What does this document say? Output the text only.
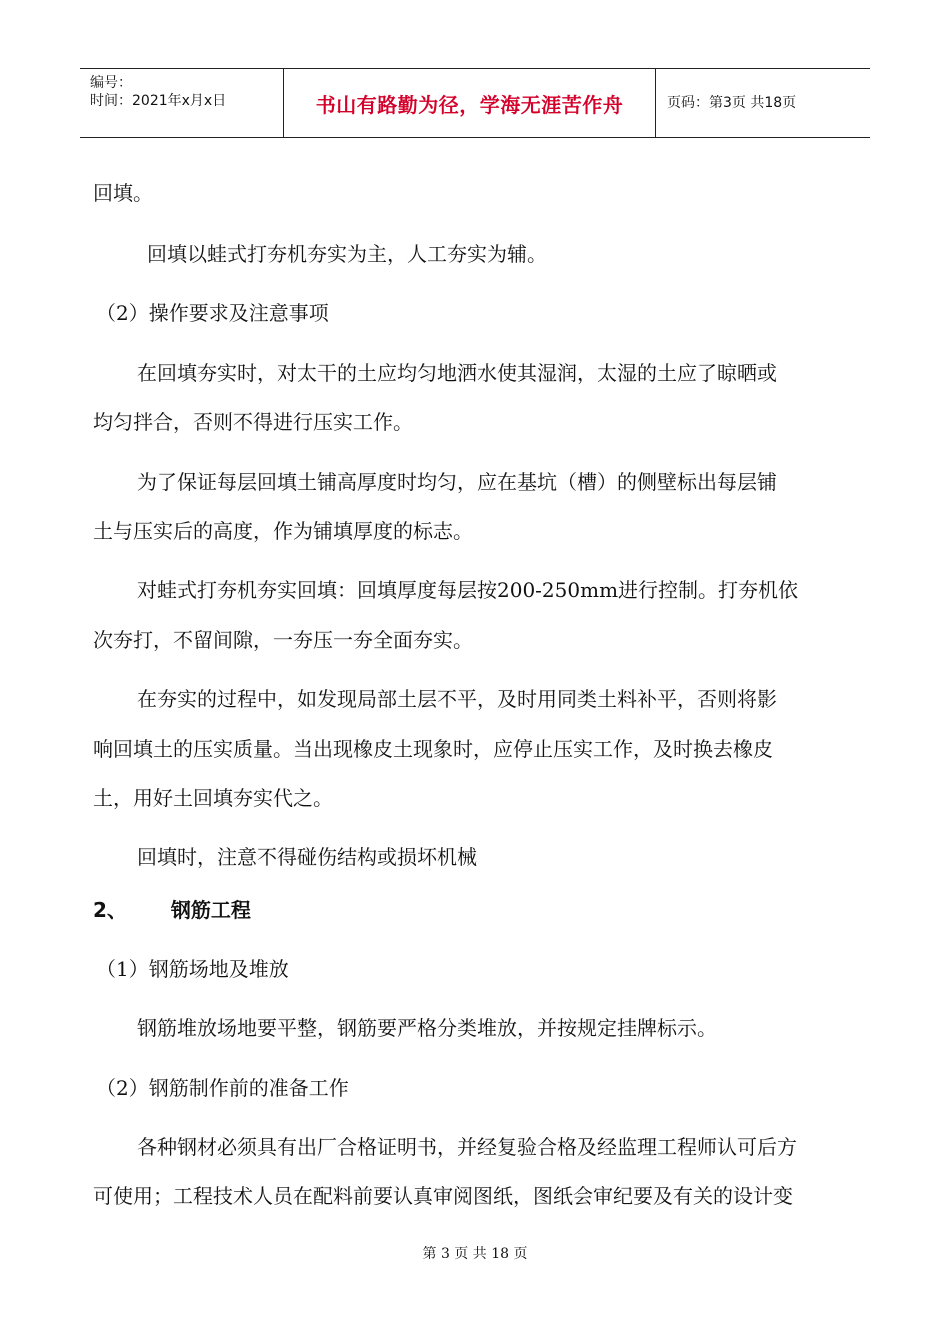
编号：
时间：2021年x月x日	书山有路勤为径，学海无涯苦作舟	页码：第3页 共18页
回填。
回填以蛙式打夯机夯实为主，人工夯实为辅。
（2）操作要求及注意事项
在回填夯实时，对太干的土应均匀地洒水使其湿润，太湿的土应了晾晒或
均匀拌合，否则不得进行压实工作。
为了保证每层回填土铺高厚度时均匀，应在基坑（槽）的侧壁标出每层铺
土与压实后的高度，作为铺填厚度的标志。
对蛙式打夯机夯实回填：回填厚度每层按200-250mm进行控制。打夯机依
次夯打，不留间隙，一夯压一夯全面夯实。
在夯实的过程中，如发现局部土层不平，及时用同类土料补平，否则将影
响回填土的压实质量。当出现橡皮土现象时，应停止压实工作，及时换去橡皮
土，用好土回填夯实代之。
回填时，注意不得碰伤结构或损坏机械
2、 钢筋工程
（1）钢筋场地及堆放
钢筋堆放场地要平整，钢筋要严格分类堆放，并按规定挂牌标示。
（2）钢筋制作前的准备工作
各种钢材必须具有出厂合格证明书，并经复验合格及经监理工程师认可后方
可使用；工程技术人员在配料前要认真审阅图纸，图纸会审纪要及有关的设计变
第 3 页 共 18 页
